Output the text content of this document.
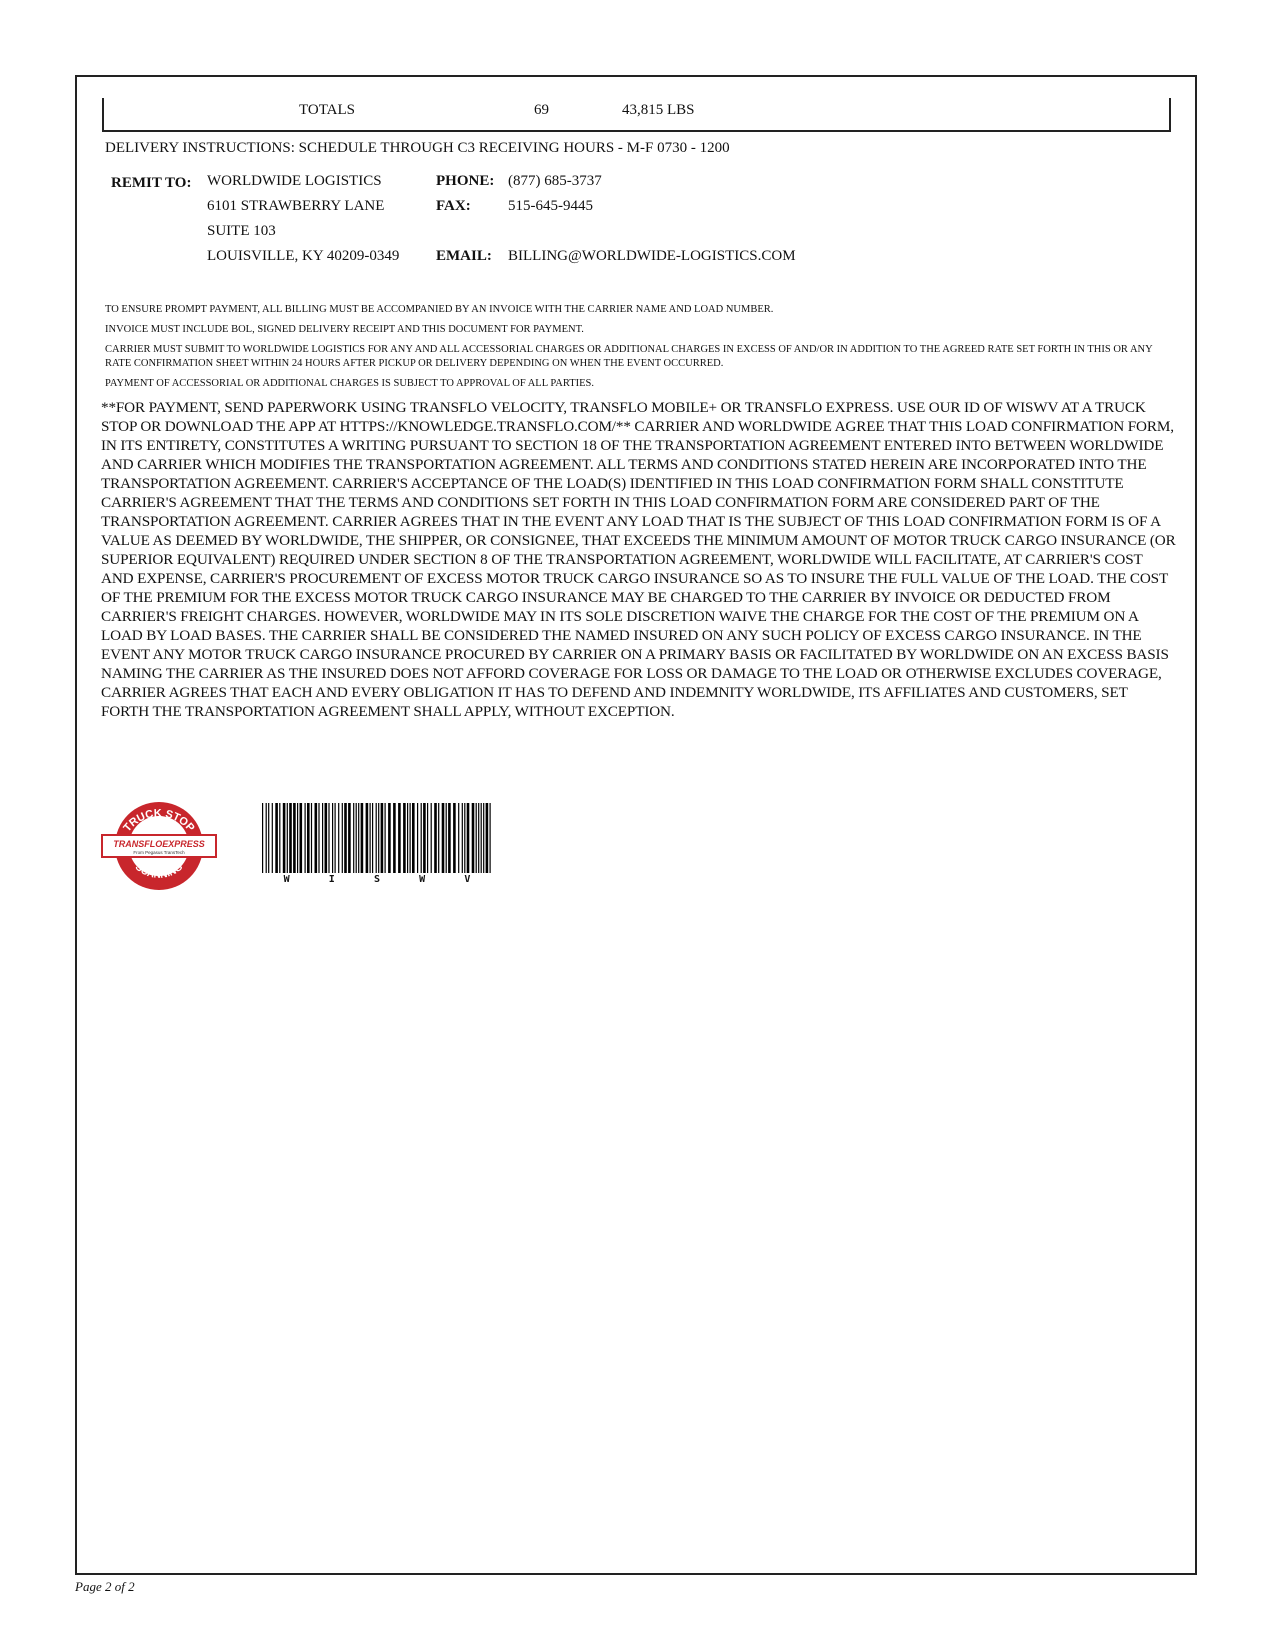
TOTALS	69	43,815 LBS
DELIVERY INSTRUCTIONS: SCHEDULE THROUGH C3 RECEIVING HOURS - M-F 0730 - 1200
REMIT TO: WORLDWIDE LOGISTICS
6101 STRAWBERRY LANE
SUITE 103
LOUISVILLE, KY 40209-0349
PHONE: (877) 685-3737
FAX: 515-645-9445
EMAIL: BILLING@WORLDWIDE-LOGISTICS.COM

TO ENSURE PROMPT PAYMENT, ALL BILLING MUST BE ACCOMPANIED BY AN INVOICE WITH THE CARRIER NAME AND LOAD NUMBER.

INVOICE MUST INCLUDE BOL, SIGNED DELIVERY RECEIPT AND THIS DOCUMENT FOR PAYMENT.

CARRIER MUST SUBMIT TO WORLDWIDE LOGISTICS FOR ANY AND ALL ACCESSORIAL CHARGES OR ADDITIONAL CHARGES IN EXCESS OF AND/OR IN ADDITION TO THE AGREED RATE SET FORTH IN THIS OR ANY RATE CONFIRMATION SHEET WITHIN 24 HOURS AFTER PICKUP OR DELIVERY DEPENDING ON WHEN THE EVENT OCCURRED.

PAYMENT OF ACCESSORIAL OR ADDITIONAL CHARGES IS SUBJECT TO APPROVAL OF ALL PARTIES.

**FOR PAYMENT, SEND PAPERWORK USING TRANSFLO VELOCITY, TRANSFLO MOBILE+ OR TRANSFLO EXPRESS. USE OUR ID OF WISWV AT A TRUCK STOP OR DOWNLOAD THE APP AT HTTPS://KNOWLEDGE.TRANSFLO.COM/** CARRIER AND WORLDWIDE AGREE THAT THIS LOAD CONFIRMATION FORM, IN ITS ENTIRETY, CONSTITUTES A WRITING PURSUANT TO SECTION 18 OF THE TRANSPORTATION AGREEMENT ENTERED INTO BETWEEN WORLDWIDE AND CARRIER WHICH MODIFIES THE TRANSPORTATION AGREEMENT. ALL TERMS AND CONDITIONS STATED HEREIN ARE INCORPORATED INTO THE TRANSPORTATION AGREEMENT. CARRIER'S ACCEPTANCE OF THE LOAD(S) IDENTIFIED IN THIS LOAD CONFIRMATION FORM SHALL CONSTITUTE CARRIER'S AGREEMENT THAT THE TERMS AND CONDITIONS SET FORTH IN THIS LOAD CONFIRMATION FORM ARE CONSIDERED PART OF THE TRANSPORTATION AGREEMENT. CARRIER AGREES THAT IN THE EVENT ANY LOAD THAT IS THE SUBJECT OF THIS LOAD CONFIRMATION FORM IS OF A VALUE AS DEEMED BY WORLDWIDE, THE SHIPPER, OR CONSIGNEE, THAT EXCEEDS THE MINIMUM AMOUNT OF MOTOR TRUCK CARGO INSURANCE (OR SUPERIOR EQUIVALENT) REQUIRED UNDER SECTION 8 OF THE TRANSPORTATION AGREEMENT, WORLDWIDE WILL FACILITATE, AT CARRIER'S COST AND EXPENSE, CARRIER'S PROCUREMENT OF EXCESS MOTOR TRUCK CARGO INSURANCE SO AS TO INSURE THE FULL VALUE OF THE LOAD. THE COST OF THE PREMIUM FOR THE EXCESS MOTOR TRUCK CARGO INSURANCE MAY BE CHARGED TO THE CARRIER BY INVOICE OR DEDUCTED FROM CARRIER'S FREIGHT CHARGES. HOWEVER, WORLDWIDE MAY IN ITS SOLE DISCRETION WAIVE THE CHARGE FOR THE COST OF THE PREMIUM ON A LOAD BY LOAD BASES. THE CARRIER SHALL BE CONSIDERED THE NAMED INSURED ON ANY SUCH POLICY OF EXCESS CARGO INSURANCE. IN THE EVENT ANY MOTOR TRUCK CARGO INSURANCE PROCURED BY CARRIER ON A PRIMARY BASIS OR FACILITATED BY WORLDWIDE ON AN EXCESS BASIS NAMING THE CARRIER AS THE INSURED DOES NOT AFFORD COVERAGE FOR LOSS OR DAMAGE TO THE LOAD OR OTHERWISE EXCLUDES COVERAGE, CARRIER AGREES THAT EACH AND EVERY OBLIGATION IT HAS TO DEFEND AND INDEMNITY WORLDWIDE, ITS AFFILIATES AND CUSTOMERS, SET FORTH THE TRANSPORTATION AGREEMENT SHALL APPLY, WITHOUT EXCEPTION.

TRUCK STOP
SCANNING
TRANSFLOEXPRESS
From Pegasus TransTech
W	I	S	W	V
Page 2 of 2
